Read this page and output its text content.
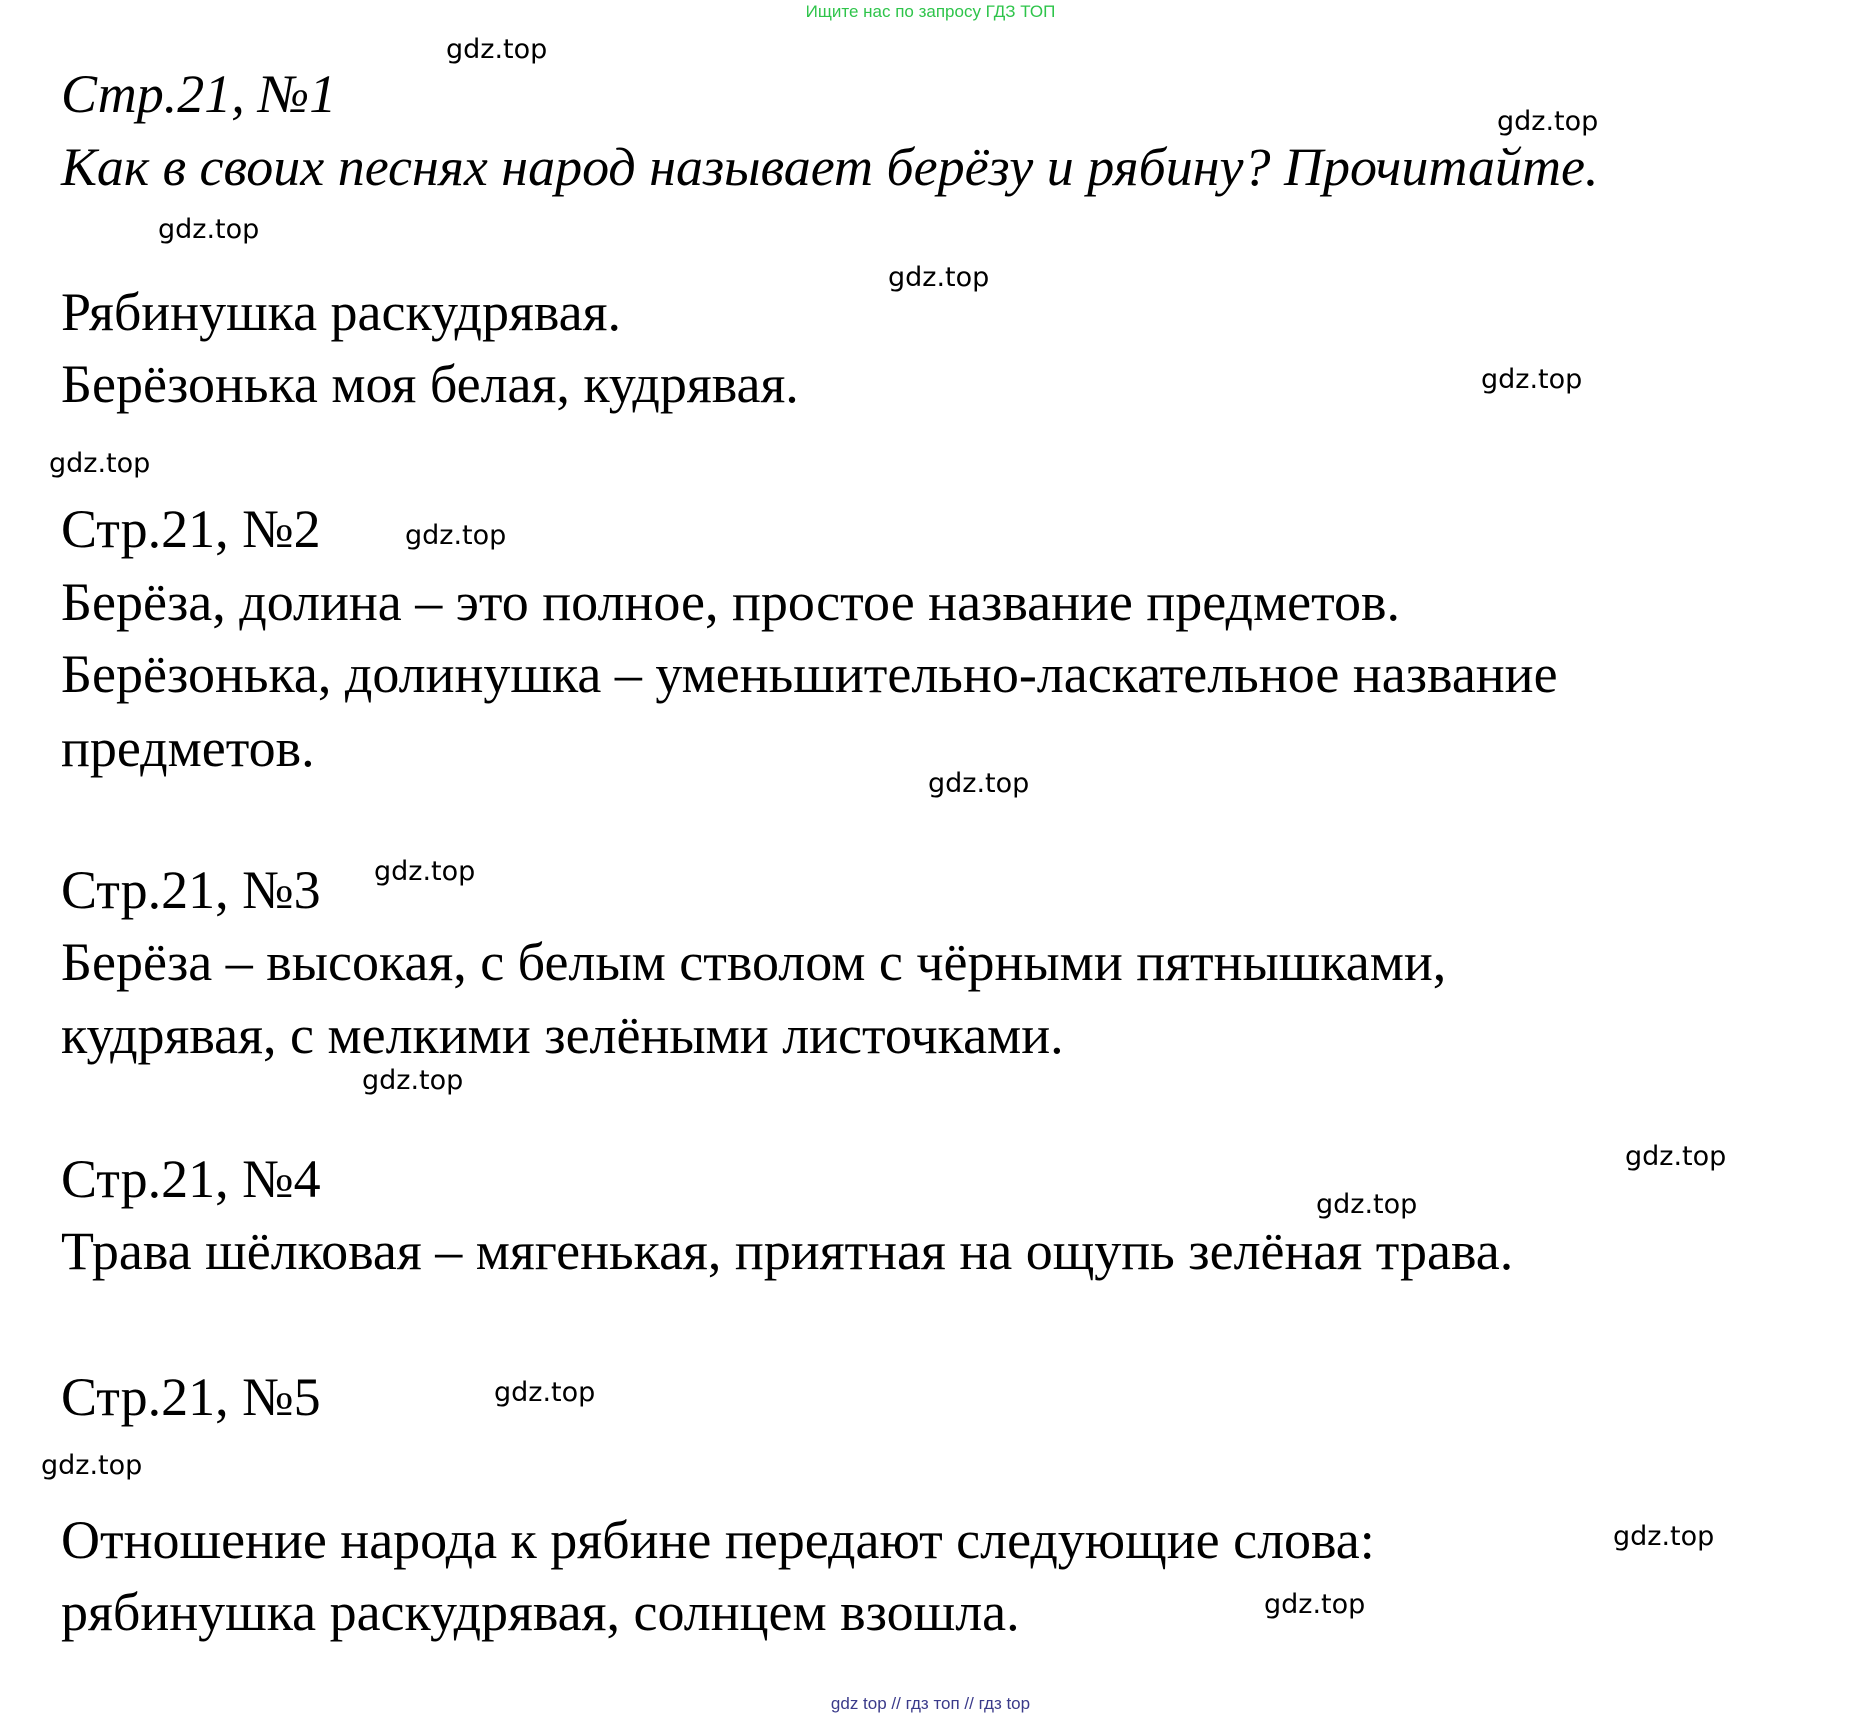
Ищите нас по запросу ГДЗ ТОП
Стр.21, №1
Как в своих песнях народ называет берёзу и рябину? Прочитайте.
Рябинушка раскудрявая.
Берёзонька моя белая, кудрявая.
Стр.21, №2
Берёза, долина – это полное, простое название предметов.
Берёзонька, долинушка – уменьшительно-ласкательное название
предметов.
Стр.21, №3
Берёза – высокая, с белым стволом с чёрными пятнышками,
кудрявая, с мелкими зелёными листочками.
Стр.21, №4
Трава шёлковая – мягенькая, приятная на ощупь зелёная трава.
Стр.21, №5
Отношение народа к рябине передают следующие слова:
рябинушка раскудрявая, солнцем взошла.
gdz.top
gdz.top
gdz.top
gdz.top
gdz.top
gdz.top
gdz.top
gdz.top
gdz.top
gdz.top
gdz.top
gdz.top
gdz.top
gdz.top
gdz.top
gdz.top
gdz top // гдз топ // гдз top
